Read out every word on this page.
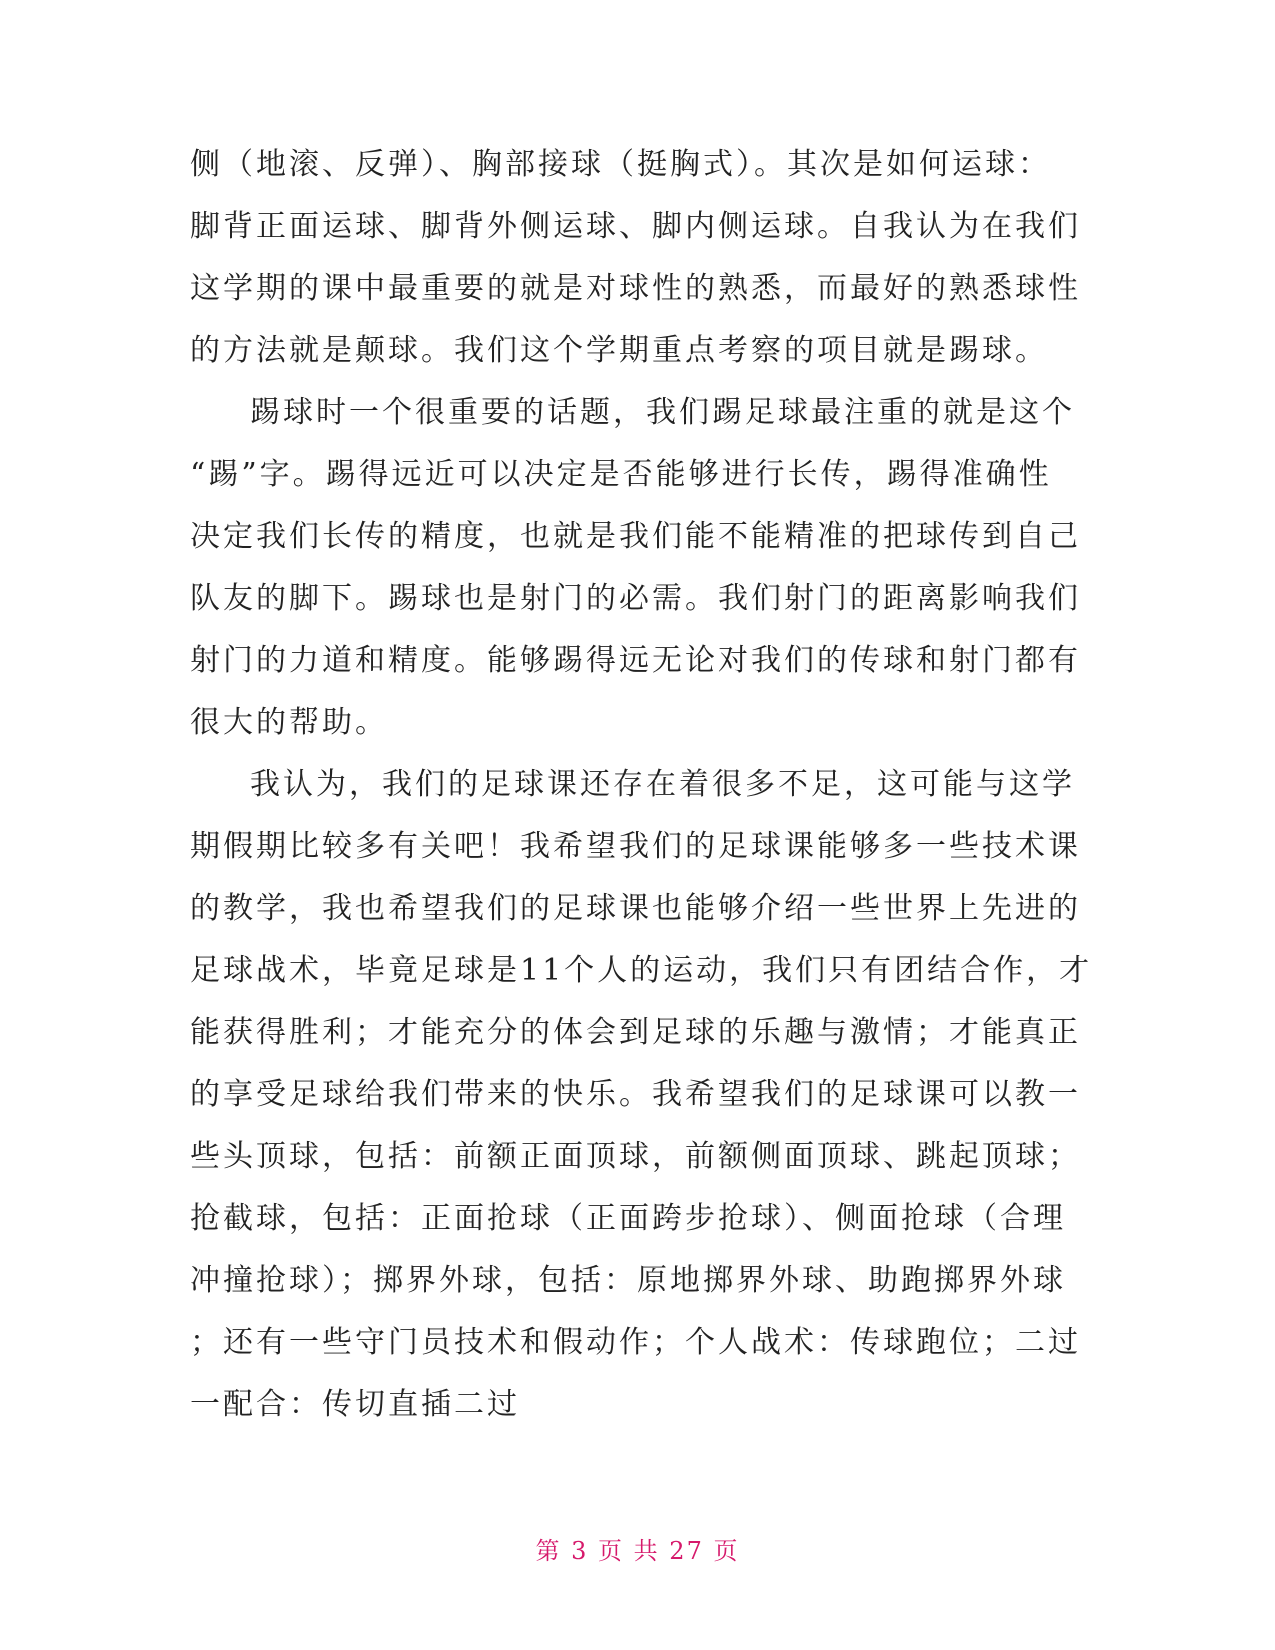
侧（地滚、反弹）、胸部接球（挺胸式）。其次是如何运球：
脚背正面运球、脚背外侧运球、脚内侧运球。自我认为在我们
这学期的课中最重要的就是对球性的熟悉，而最好的熟悉球性
的方法就是颠球。我们这个学期重点考察的项目就是踢球。
踢球时一个很重要的话题，我们踢足球最注重的就是这个
“踢”字。踢得远近可以决定是否能够进行长传，踢得准确性
决定我们长传的精度，也就是我们能不能精准的把球传到自己
队友的脚下。踢球也是射门的必需。我们射门的距离影响我们
射门的力道和精度。能够踢得远无论对我们的传球和射门都有
很大的帮助。
我认为，我们的足球课还存在着很多不足，这可能与这学
期假期比较多有关吧！我希望我们的足球课能够多一些技术课
的教学，我也希望我们的足球课也能够介绍一些世界上先进的
足球战术，毕竟足球是11个人的运动，我们只有团结合作，才
能获得胜利；才能充分的体会到足球的乐趣与激情；才能真正
的享受足球给我们带来的快乐。我希望我们的足球课可以教一
些头顶球，包括：前额正面顶球，前额侧面顶球、跳起顶球；
抢截球，包括：正面抢球（正面跨步抢球）、侧面抢球（合理
冲撞抢球）；掷界外球，包括：原地掷界外球、助跑掷界外球
；还有一些守门员技术和假动作；个人战术：传球跑位；二过
一配合：传切直插二过
第 3 页 共 27 页
